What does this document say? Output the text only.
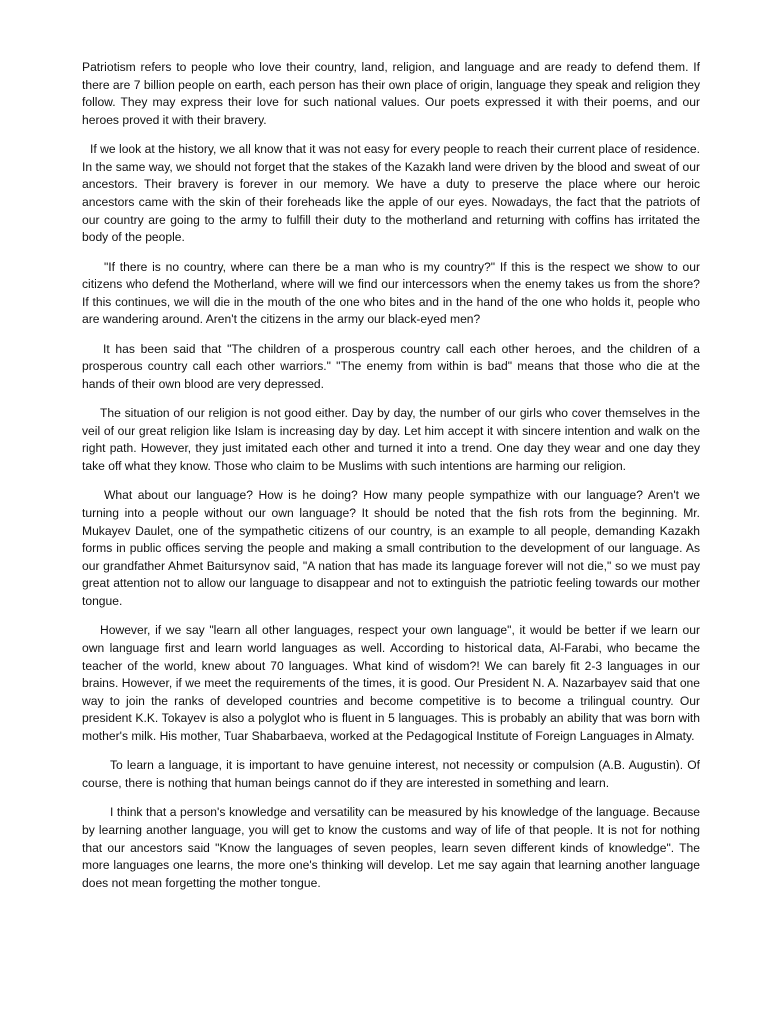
Patriotism refers to people who love their country, land, religion, and language and are ready to defend them. If there are 7 billion people on earth, each person has their own place of origin, language they speak and religion they follow. They may express their love for such national values. Our poets expressed it with their poems, and our heroes proved it with their bravery.

If we look at the history, we all know that it was not easy for every people to reach their current place of residence. In the same way, we should not forget that the stakes of the Kazakh land were driven by the blood and sweat of our ancestors. Their bravery is forever in our memory. We have a duty to preserve the place where our heroic ancestors came with the skin of their foreheads like the apple of our eyes. Nowadays, the fact that the patriots of our country are going to the army to fulfill their duty to the motherland and returning with coffins has irritated the body of the people.

"If there is no country, where can there be a man who is my country?" If this is the respect we show to our citizens who defend the Motherland, where will we find our intercessors when the enemy takes us from the shore? If this continues, we will die in the mouth of the one who bites and in the hand of the one who holds it, people who are wandering around. Aren't the citizens in the army our black-eyed men?

It has been said that "The children of a prosperous country call each other heroes, and the children of a prosperous country call each other warriors." "The enemy from within is bad" means that those who die at the hands of their own blood are very depressed.

The situation of our religion is not good either. Day by day, the number of our girls who cover themselves in the veil of our great religion like Islam is increasing day by day. Let him accept it with sincere intention and walk on the right path. However, they just imitated each other and turned it into a trend. One day they wear and one day they take off what they know. Those who claim to be Muslims with such intentions are harming our religion.

What about our language? How is he doing? How many people sympathize with our language? Aren't we turning into a people without our own language? It should be noted that the fish rots from the beginning. Mr. Mukayev Daulet, one of the sympathetic citizens of our country, is an example to all people, demanding Kazakh forms in public offices serving the people and making a small contribution to the development of our language. As our grandfather Ahmet Baitursynov said, "A nation that has made its language forever will not die," so we must pay great attention not to allow our language to disappear and not to extinguish the patriotic feeling towards our mother tongue.

However, if we say "learn all other languages, respect your own language", it would be better if we learn our own language first and learn world languages as well. According to historical data, Al-Farabi, who became the teacher of the world, knew about 70 languages. What kind of wisdom?! We can barely fit 2-3 languages in our brains. However, if we meet the requirements of the times, it is good. Our President N. A. Nazarbayev said that one way to join the ranks of developed countries and become competitive is to become a trilingual country. Our president K.K. Tokayev is also a polyglot who is fluent in 5 languages. This is probably an ability that was born with mother's milk. His mother, Tuar Shabarbaeva, worked at the Pedagogical Institute of Foreign Languages in Almaty.

To learn a language, it is important to have genuine interest, not necessity or compulsion (A.B. Augustin). Of course, there is nothing that human beings cannot do if they are interested in something and learn.

I think that a person's knowledge and versatility can be measured by his knowledge of the language. Because by learning another language, you will get to know the customs and way of life of that people. It is not for nothing that our ancestors said "Know the languages of seven peoples, learn seven different kinds of knowledge". The more languages one learns, the more one's thinking will develop. Let me say again that learning another language does not mean forgetting the mother tongue.
